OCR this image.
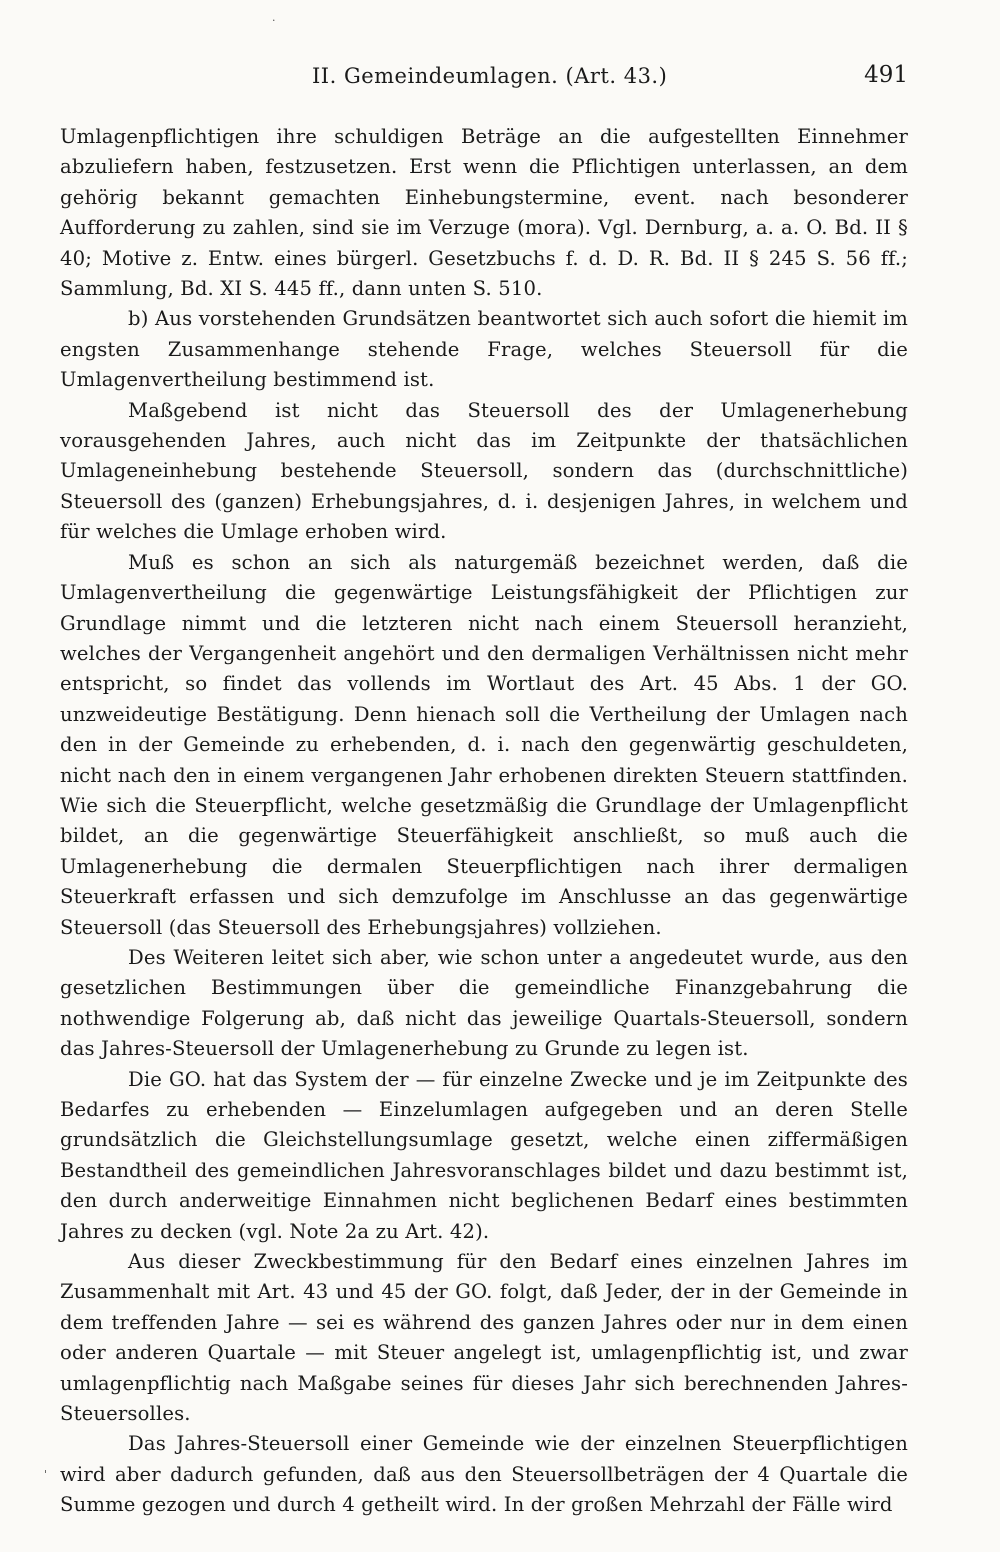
·
II. Gemeindeumlagen. (Art. 43.)	491

Umlagenpflichtigen ihre schuldigen Beträge an die aufgestellten Einnehmer abzuliefern haben, festzusetzen. Erst wenn die Pflichtigen unterlassen, an dem gehörig bekannt gemachten Einhebungstermine, event. nach besonderer Aufforderung zu zahlen, sind sie im Verzuge (mora). Vgl. Dernburg, a. a. O. Bd. II § 40; Motive z. Entw. eines bürgerl. Gesetzbuchs f. d. D. R. Bd. II § 245 S. 56 ff.; Sammlung, Bd. XI S. 445 ff., dann unten S. 510.

b) Aus vorstehenden Grundsätzen beantwortet sich auch sofort die hiemit im engsten Zusammenhange stehende Frage, welches Steuersoll für die Umlagenvertheilung bestimmend ist.

Maßgebend ist nicht das Steuersoll des der Umlagenerhebung vorausgehenden Jahres, auch nicht das im Zeitpunkte der thatsächlichen Umlageneinhebung bestehende Steuersoll, sondern das (durchschnittliche) Steuersoll des (ganzen) Erhebungsjahres, d. i. desjenigen Jahres, in welchem und für welches die Umlage erhoben wird.

Muß es schon an sich als naturgemäß bezeichnet werden, daß die Umlagenvertheilung die gegenwärtige Leistungsfähigkeit der Pflichtigen zur Grundlage nimmt und die letzteren nicht nach einem Steuersoll heranzieht, welches der Vergangenheit angehört und den dermaligen Verhältnissen nicht mehr entspricht, so findet das vollends im Wortlaut des Art. 45 Abs. 1 der GO. unzweideutige Bestätigung. Denn hienach soll die Vertheilung der Umlagen nach den in der Gemeinde zu erhebenden, d. i. nach den gegenwärtig geschuldeten, nicht nach den in einem vergangenen Jahr erhobenen direkten Steuern stattfinden. Wie sich die Steuerpflicht, welche gesetzmäßig die Grundlage der Umlagenpflicht bildet, an die gegenwärtige Steuerfähigkeit anschließt, so muß auch die Umlagenerhebung die dermalen Steuerpflichtigen nach ihrer dermaligen Steuerkraft erfassen und sich demzufolge im Anschlusse an das gegenwärtige Steuersoll (das Steuersoll des Erhebungsjahres) vollziehen.

Des Weiteren leitet sich aber, wie schon unter a angedeutet wurde, aus den gesetzlichen Bestimmungen über die gemeindliche Finanzgebahrung die nothwendige Folgerung ab, daß nicht das jeweilige Quartals-Steuersoll, sondern das Jahres-Steuersoll der Umlagenerhebung zu Grunde zu legen ist.

Die GO. hat das System der — für einzelne Zwecke und je im Zeitpunkte des Bedarfes zu erhebenden — Einzelumlagen aufgegeben und an deren Stelle grundsätzlich die Gleichstellungsumlage gesetzt, welche einen ziffermäßigen Bestandtheil des gemeindlichen Jahresvoranschlages bildet und dazu bestimmt ist, den durch anderweitige Einnahmen nicht beglichenen Bedarf eines bestimmten Jahres zu decken (vgl. Note 2a zu Art. 42).

Aus dieser Zweckbestimmung für den Bedarf eines einzelnen Jahres im Zusammenhalt mit Art. 43 und 45 der GO. folgt, daß Jeder, der in der Gemeinde in dem treffenden Jahre — sei es während des ganzen Jahres oder nur in dem einen oder anderen Quartale — mit Steuer angelegt ist, umlagenpflichtig ist, und zwar umlagenpflichtig nach Maßgabe seines für dieses Jahr sich berechnenden Jahres-Steuersolles.

Das Jahres-Steuersoll einer Gemeinde wie der einzelnen Steuerpflichtigen wird aber dadurch gefunden, daß aus den Steuersollbeträgen der 4 Quartale die Summe gezogen und durch 4 getheilt wird. In der großen Mehrzahl der Fälle wird

'
